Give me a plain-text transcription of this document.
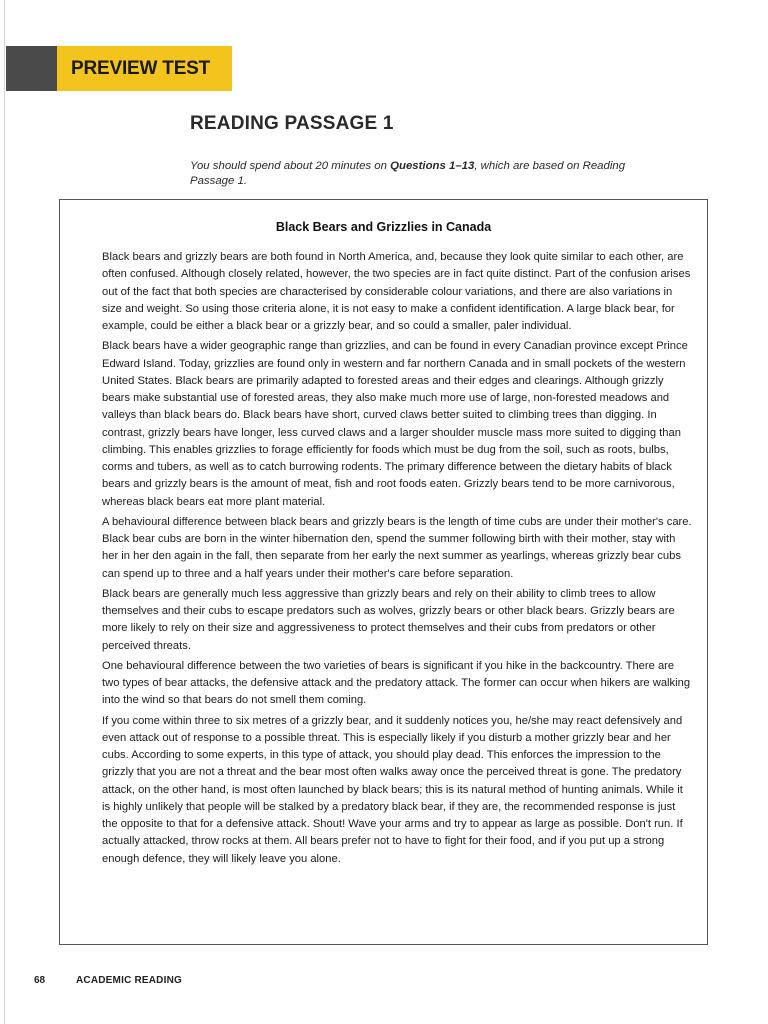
PREVIEW TEST
READING PASSAGE 1
You should spend about 20 minutes on Questions 1–13, which are based on Reading Passage 1.
Black Bears and Grizzlies in Canada

Black bears and grizzly bears are both found in North America, and, because they look quite similar to each other, are often confused. Although closely related, however, the two species are in fact quite distinct. Part of the confusion arises out of the fact that both species are characterised by considerable colour variations, and there are also variations in size and weight. So using those criteria alone, it is not easy to make a confident identification. A large black bear, for example, could be either a black bear or a grizzly bear, and so could a smaller, paler individual.

Black bears have a wider geographic range than grizzlies, and can be found in every Canadian province except Prince Edward Island. Today, grizzlies are found only in western and far northern Canada and in small pockets of the western United States. Black bears are primarily adapted to forested areas and their edges and clearings. Although grizzly bears make substantial use of forested areas, they also make much more use of large, non-forested meadows and valleys than black bears do. Black bears have short, curved claws better suited to climbing trees than digging. In contrast, grizzly bears have longer, less curved claws and a larger shoulder muscle mass more suited to digging than climbing. This enables grizzlies to forage efficiently for foods which must be dug from the soil, such as roots, bulbs, corms and tubers, as well as to catch burrowing rodents. The primary difference between the dietary habits of black bears and grizzly bears is the amount of meat, fish and root foods eaten. Grizzly bears tend to be more carnivorous, whereas black bears eat more plant material.

A behavioural difference between black bears and grizzly bears is the length of time cubs are under their mother's care. Black bear cubs are born in the winter hibernation den, spend the summer following birth with their mother, stay with her in her den again in the fall, then separate from her early the next summer as yearlings, whereas grizzly bear cubs can spend up to three and a half years under their mother's care before separation.

Black bears are generally much less aggressive than grizzly bears and rely on their ability to climb trees to allow themselves and their cubs to escape predators such as wolves, grizzly bears or other black bears. Grizzly bears are more likely to rely on their size and aggressiveness to protect themselves and their cubs from predators or other perceived threats.

One behavioural difference between the two varieties of bears is significant if you hike in the backcountry. There are two types of bear attacks, the defensive attack and the predatory attack. The former can occur when hikers are walking into the wind so that bears do not smell them coming.

If you come within three to six metres of a grizzly bear, and it suddenly notices you, he/she may react defensively and even attack out of response to a possible threat. This is especially likely if you disturb a mother grizzly bear and her cubs. According to some experts, in this type of attack, you should play dead. This enforces the impression to the grizzly that you are not a threat and the bear most often walks away once the perceived threat is gone. The predatory attack, on the other hand, is most often launched by black bears; this is its natural method of hunting animals. While it is highly unlikely that people will be stalked by a predatory black bear, if they are, the recommended response is just the opposite to that for a defensive attack. Shout! Wave your arms and try to appear as large as possible. Don't run. If actually attacked, throw rocks at them. All bears prefer not to have to fight for their food, and if you put up a strong enough defence, they will likely leave you alone.

68	ACADEMIC READING
